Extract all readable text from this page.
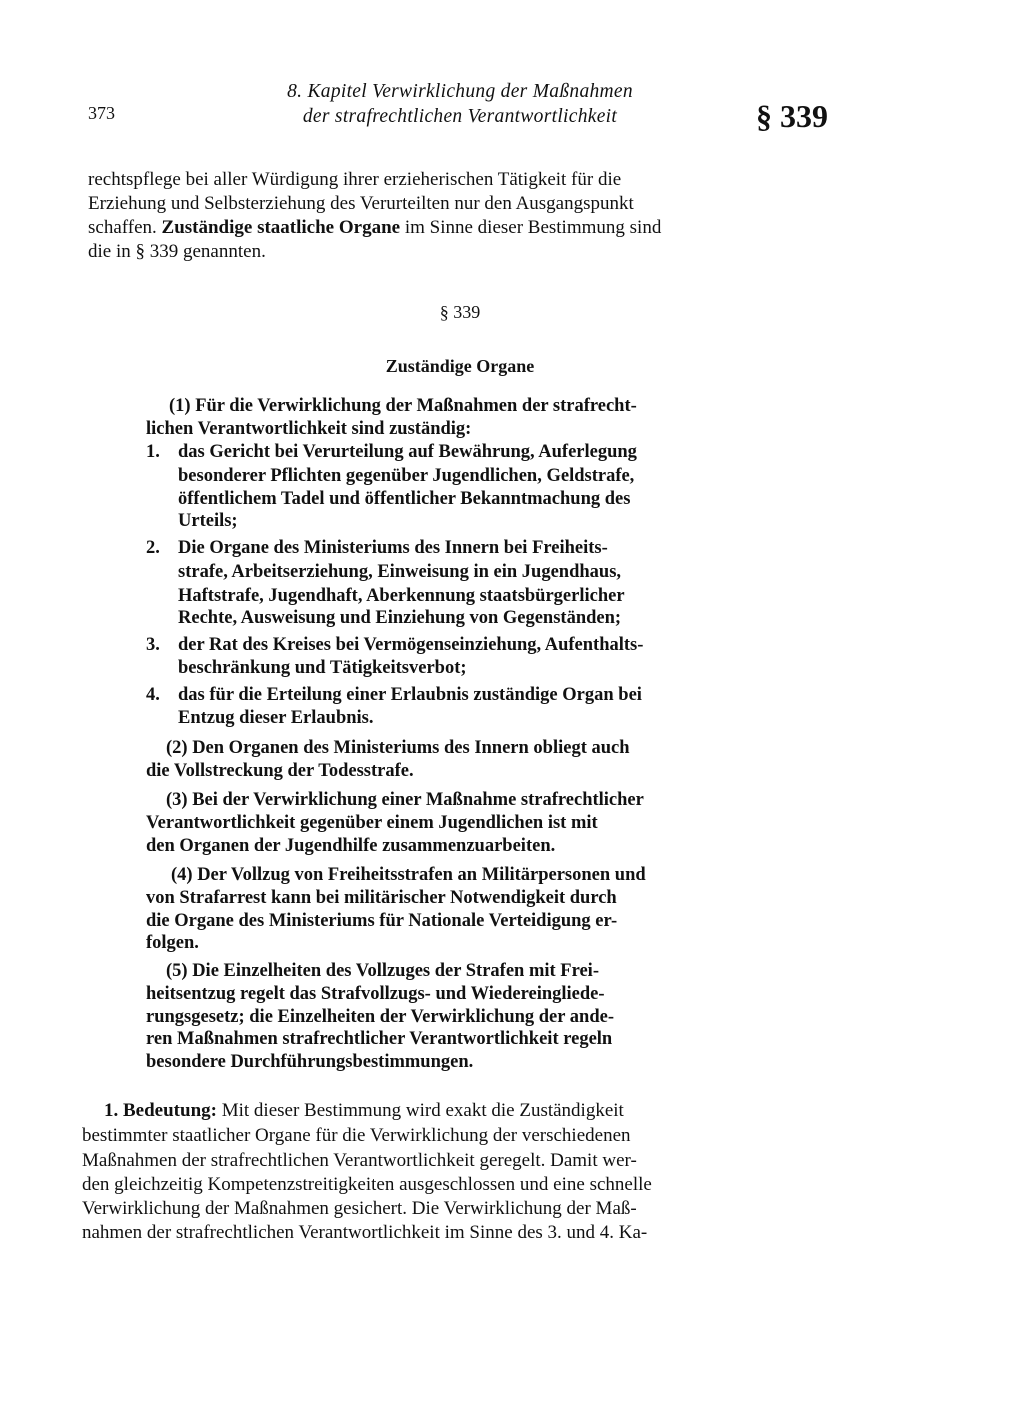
373
8. Kapitel Verwirklichung der Maßnahmen
der strafrechtlichen Verantwortlichkeit	§ 339
rechtspflege bei aller Würdigung ihrer erzieherischen Tätigkeit für die
Erziehung und Selbsterziehung des Verurteilten nur den Ausgangspunkt
schaffen. Zuständige staatliche Organe im Sinne dieser Bestimmung sind
die in § 339 genannten.
§ 339
Zuständige Organe
(1) Für die Verwirklichung der Maßnahmen der strafrecht-
lichen Verantwortlichkeit sind zuständig:
1. das Gericht bei Verurteilung auf Bewährung, Auferlegung
besonderer Pflichten gegenüber Jugendlichen, Geldstrafe,
öffentlichem Tadel und öffentlicher Bekanntmachung des
Urteils;
2. Die Organe des Ministeriums des Innern bei Freiheits-
strafe, Arbeitserziehung, Einweisung in ein Jugendhaus,
Haftstrafe, Jugendhaft, Aberkennung staatsbürgerlicher
Rechte, Ausweisung und Einziehung von Gegenständen;
3. der Rat des Kreises bei Vermögenseinziehung, Aufenthalts-
beschränkung und Tätigkeitsverbot;
4. das für die Erteilung einer Erlaubnis zuständige Organ bei
Entzug dieser Erlaubnis.
(2) Den Organen des Ministeriums des Innern obliegt auch
die Vollstreckung der Todesstrafe.
(3) Bei der Verwirklichung einer Maßnahme strafrechtlicher
Verantwortlichkeit gegenüber einem Jugendlichen ist mit
den Organen der Jugendhilfe zusammenzuarbeiten.
(4) Der Vollzug von Freiheitsstrafen an Militärpersonen und
von Strafarrest kann bei militärischer Notwendigkeit durch
die Organe des Ministeriums für Nationale Verteidigung er-
folgen.
(5) Die Einzelheiten des Vollzuges der Strafen mit Frei-
heitsentzug regelt das Strafvollzugs- und Wiedereingliede-
rungsgesetz; die Einzelheiten der Verwirklichung der ande-
ren Maßnahmen strafrechtlicher Verantwortlichkeit regeln
besondere Durchführungsbestimmungen.
1. Bedeutung: Mit dieser Bestimmung wird exakt die Zuständigkeit
bestimmter staatlicher Organe für die Verwirklichung der verschiedenen
Maßnahmen der strafrechtlichen Verantwortlichkeit geregelt. Damit wer-
den gleichzeitig Kompetenzstreitigkeiten ausgeschlossen und eine schnelle
Verwirklichung der Maßnahmen gesichert. Die Verwirklichung der Maß-
nahmen der strafrechtlichen Verantwortlichkeit im Sinne des 3. und 4. Ka-
